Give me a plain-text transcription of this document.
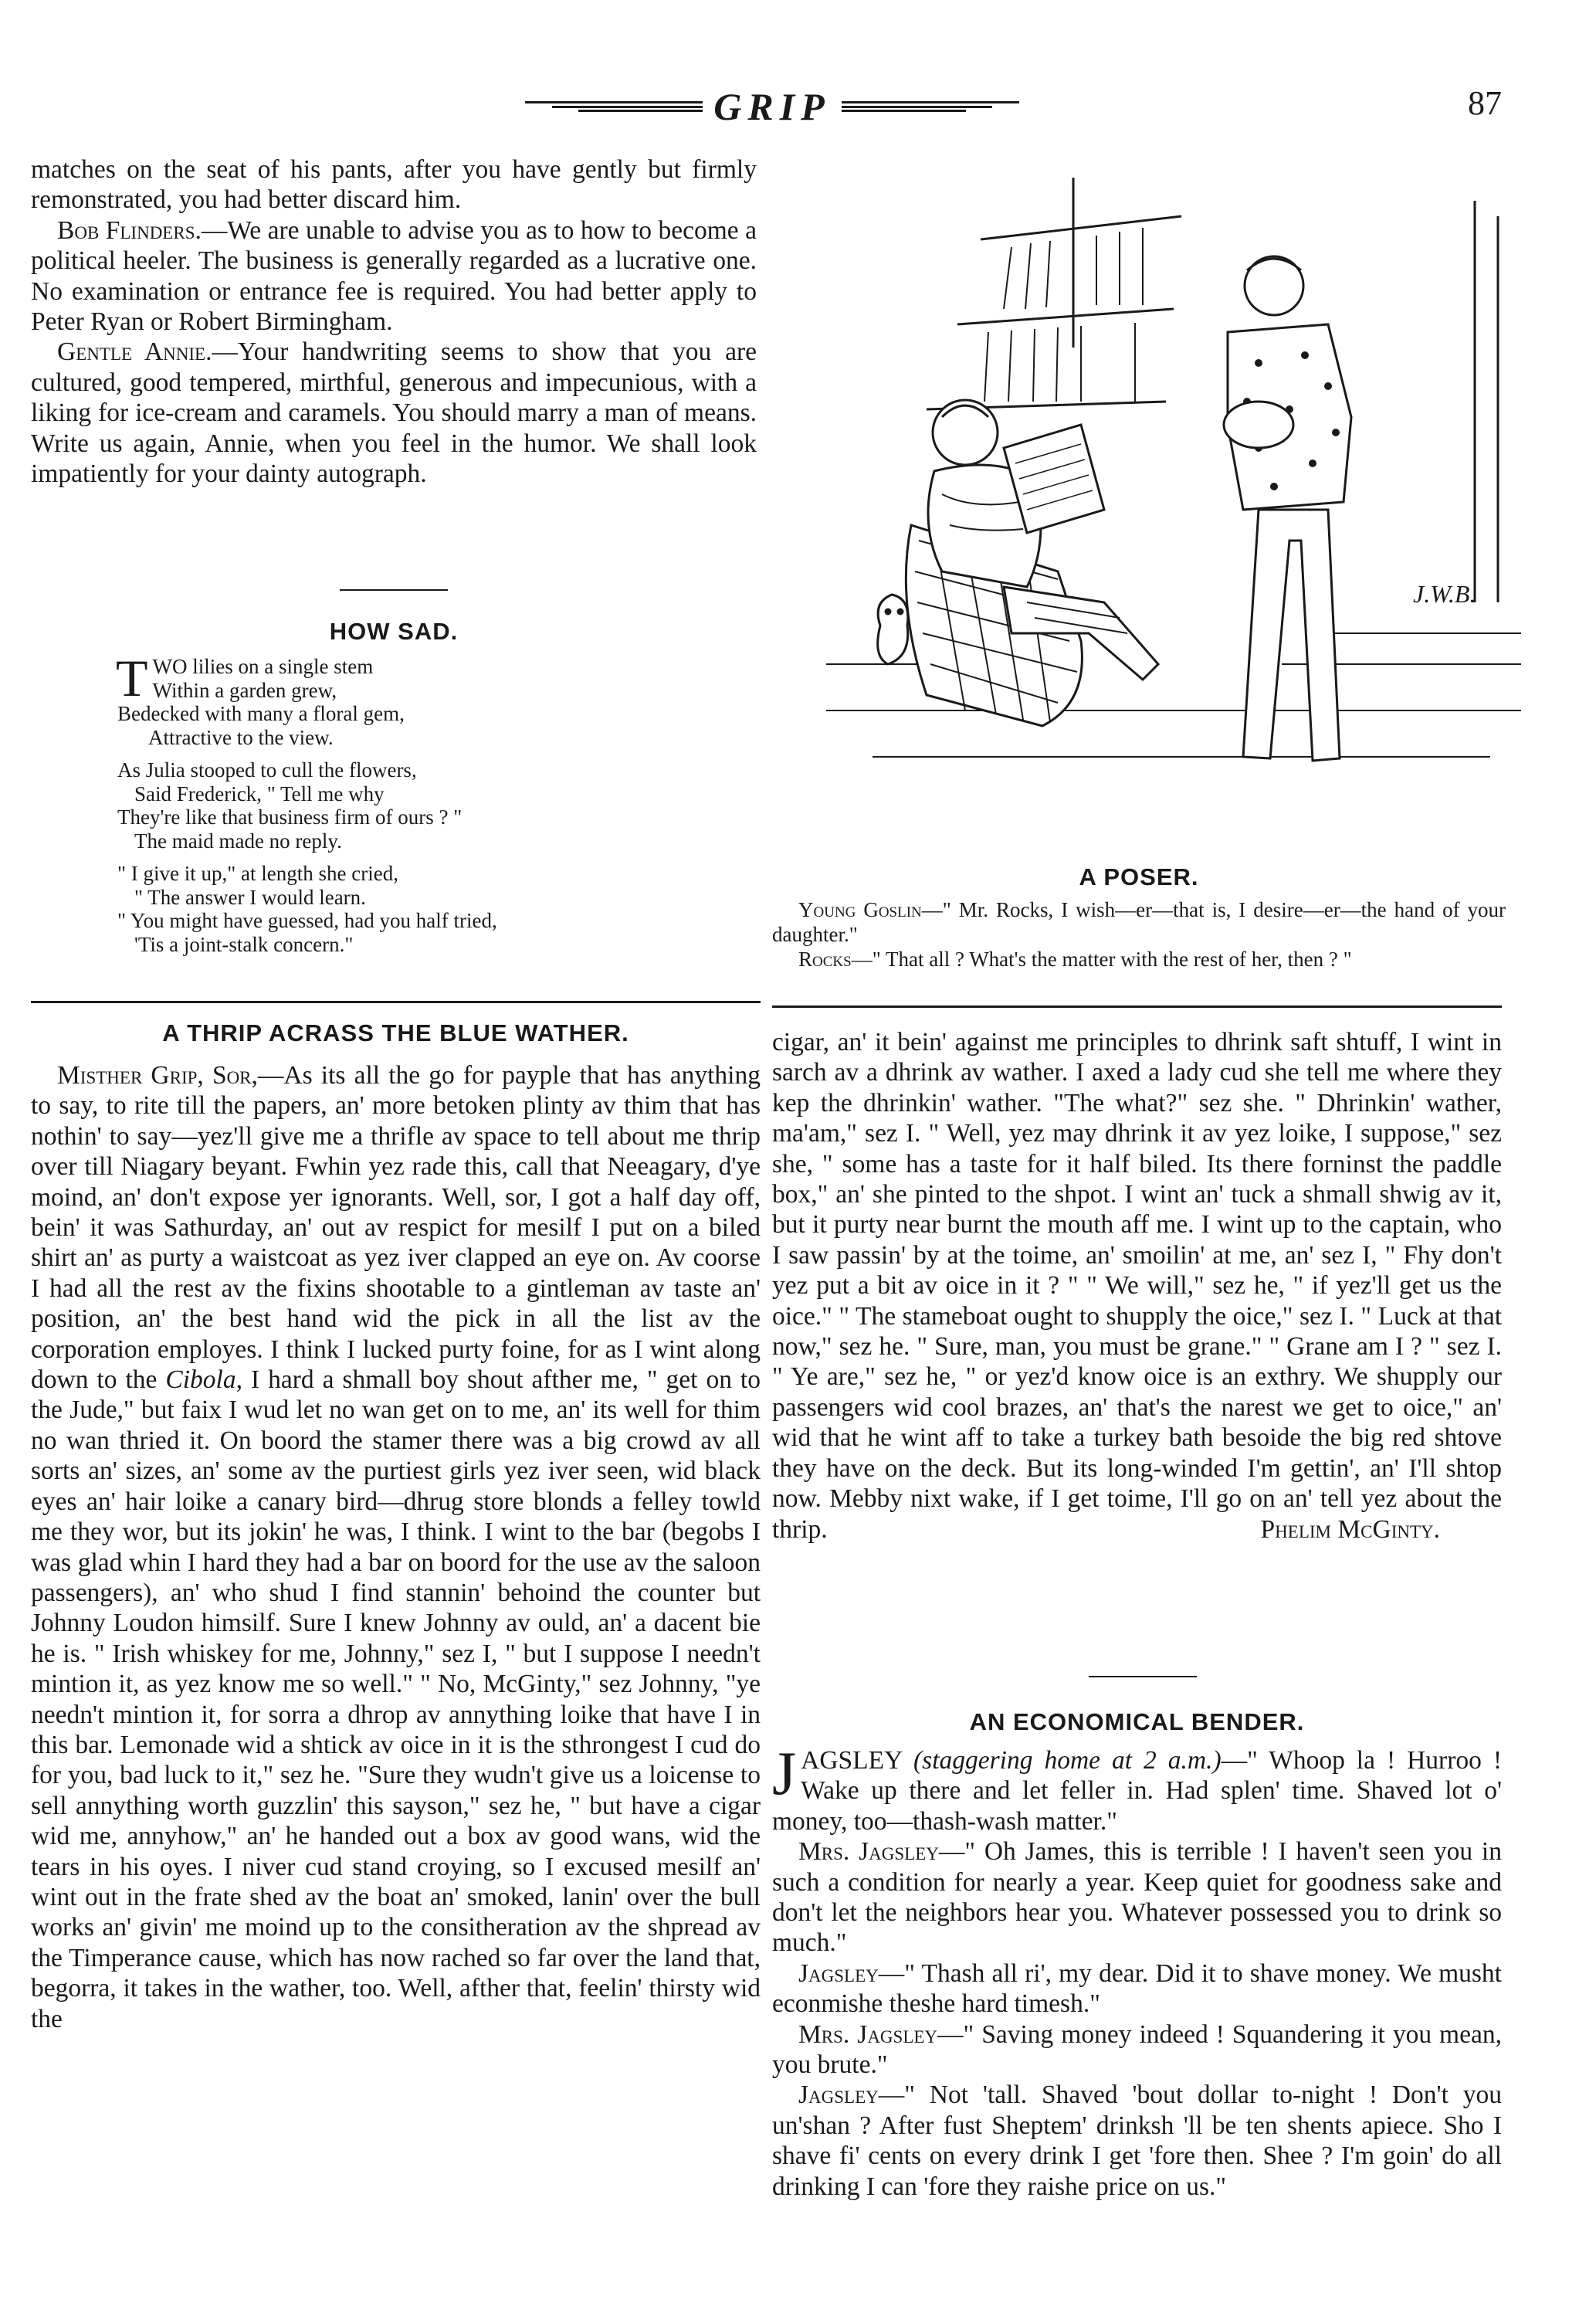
GRIP	87

matches on the seat of his pants, after you have gently but firmly remonstrated, you had better discard him.

Bob Flinders.—We are unable to advise you as to how to become a political heeler. The business is generally regarded as a lucrative one. No examination or entrance fee is required. You had better apply to Peter Ryan or Robert Birmingham.

Gentle Annie.—Your handwriting seems to show that you are cultured, good tempered, mirthful, generous and impecunious, with a liking for ice-cream and caramels. You should marry a man of means. Write us again, Annie, when you feel in the humor. We shall look impatiently for your dainty autograph.

HOW SAD.
T WO lilies on a single stem
Within a garden grew,
Bedecked with many a floral gem,
Attractive to the view.
As Julia stooped to cull the flowers,
Said Frederick, " Tell me why
They're like that business firm of ours ? "
The maid made no reply.
" I give it up," at length she cried,
" The answer I would learn.
" You might have guessed, had you half tried,
'Tis a joint-stalk concern."
A THRIP ACRASS THE BLUE WATHER.

Misther Grip, Sor,—As its all the go for payple that has anything to say, to rite till the papers, an' more betoken plinty av thim that has nothin' to say—yez'll give me a thrifle av space to tell about me thrip over till Niagary beyant. Fwhin yez rade this, call that Neeagary, d'ye moind, an' don't expose yer ignorants. Well, sor, I got a half day off, bein' it was Sathurday, an' out av respict for mesilf I put on a biled shirt an' as purty a waistcoat as yez iver clapped an eye on. Av coorse I had all the rest av the fixins shootable to a gintleman av taste an' position, an' the best hand wid the pick in all the list av the corporation employes. I think I lucked purty foine, for as I wint along down to the Cibola, I hard a shmall boy shout afther me, " get on to the Jude," but faix I wud let no wan get on to me, an' its well for thim no wan thried it. On boord the stamer there was a big crowd av all sorts an' sizes, an' some av the purtiest girls yez iver seen, wid black eyes an' hair loike a canary bird—dhrug store blonds a felley towld me they wor, but its jokin' he was, I think. I wint to the bar (begobs I was glad whin I hard they had a bar on boord for the use av the saloon passengers), an' who shud I find stannin' behoind the counter but Johnny Loudon himsilf. Sure I knew Johnny av ould, an' a dacent bie he is. " Irish whiskey for me, Johnny," sez I, " but I suppose I needn't mintion it, as yez know me so well." " No, McGinty," sez Johnny, "ye needn't mintion it, for sorra a dhrop av annything loike that have I in this bar. Lemonade wid a shtick av oice in it is the sthrongest I cud do for you, bad luck to it," sez he. "Sure they wudn't give us a loicense to sell annything worth guzzlin' this sayson," sez he, " but have a cigar wid me, annyhow," an' he handed out a box av good wans, wid the tears in his oyes. I niver cud stand croying, so I excused mesilf an' wint out in the frate shed av the boat an' smoked, lanin' over the bull works an' givin' me moind up to the consitheration av the shpread av the Timperance cause, which has now rached so far over the land that, begorra, it takes in the wather, too. Well, afther that, feelin' thirsty wid the

J.W.B.
A POSER.

Young Goslin—" Mr. Rocks, I wish—er—that is, I desire—er—the hand of your daughter."

Rocks—" That all ? What's the matter with the rest of her, then ? "

cigar, an' it bein' against me principles to dhrink saft shtuff, I wint in sarch av a dhrink av wather. I axed a lady cud she tell me where they kep the dhrinkin' wather. "The what?" sez she. " Dhrinkin' wather, ma'am," sez I. " Well, yez may dhrink it av yez loike, I suppose," sez she, " some has a taste for it half biled. Its there forninst the paddle box," an' she pinted to the shpot. I wint an' tuck a shmall shwig av it, but it purty near burnt the mouth aff me. I wint up to the captain, who I saw passin' by at the toime, an' smoilin' at me, an' sez I, " Fhy don't yez put a bit av oice in it ? " " We will," sez he, " if yez'll get us the oice." " The stameboat ought to shupply the oice," sez I. " Luck at that now," sez he. " Sure, man, you must be grane." " Grane am I ? " sez I. " Ye are," sez he, " or yez'd know oice is an exthry. We shupply our passengers wid cool brazes, an' that's the narest we get to oice," an' wid that he wint aff to take a turkey bath besoide the big red shtove they have on the deck. But its long-winded I'm gettin', an' I'll shtop now. Mebby nixt wake, if I get toime, I'll go on an' tell yez about the thrip.	Phelim McGinty.

AN ECONOMICAL BENDER.

JAGSLEY (staggering home at 2 a.m.)—" Whoop la ! Hurroo ! Wake up there and let feller in. Had splen' time. Shaved lot o' money, too—thash-wash matter."

Mrs. Jagsley—" Oh James, this is terrible ! I haven't seen you in such a condition for nearly a year. Keep quiet for goodness sake and don't let the neighbors hear you. Whatever possessed you to drink so much."

Jagsley—" Thash all ri', my dear. Did it to shave money. We musht econmishe theshe hard timesh."

Mrs. Jagsley—" Saving money indeed ! Squandering it you mean, you brute."

Jagsley—" Not 'tall. Shaved 'bout dollar to-night ! Don't you un'shan ? After fust Sheptem' drinksh 'll be ten shents apiece. Sho I shave fi' cents on every drink I get 'fore then. Shee ? I'm goin' do all drinking I can 'fore they raishe price on us."
